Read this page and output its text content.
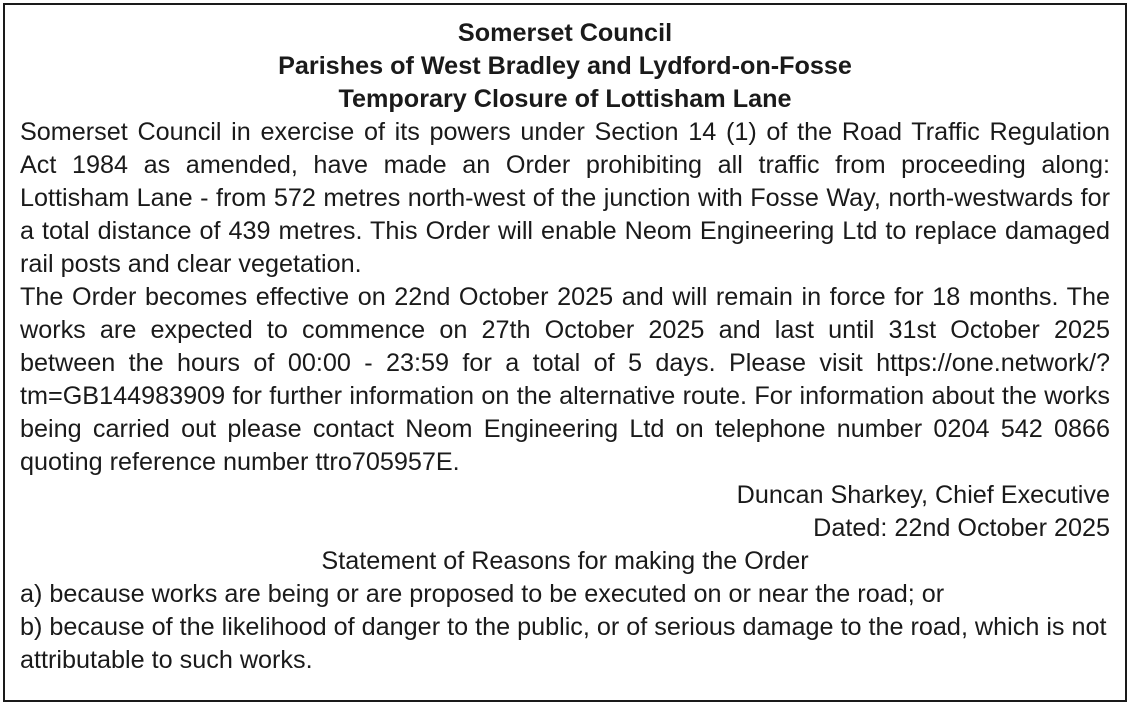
Somerset Council
Parishes of West Bradley and Lydford-on-Fosse
Temporary Closure of Lottisham Lane

Somerset Council in exercise of its powers under Section 14 (1) of the Road Traffic Regulation Act 1984 as amended, have made an Order prohibiting all traffic from proceeding along: Lottisham Lane - from 572 metres north-west of the junction with Fosse Way, north-westwards for a total distance of 439 metres. This Order will enable Neom Engineering Ltd to replace damaged rail posts and clear vegetation.

The Order becomes effective on 22nd October 2025 and will remain in force for 18 months. The works are expected to commence on 27th October 2025 and last until 31st October 2025 between the hours of 00:00 - 23:59 for a total of 5 days. Please visit https://one.network/?tm=GB144983909 for further information on the alternative route. For information about the works being carried out please contact Neom Engineering Ltd on telephone number 0204 542 0866 quoting reference number ttro705957E.

Duncan Sharkey, Chief Executive
Dated: 22nd October 2025
Statement of Reasons for making the Order

a) because works are being or are proposed to be executed on or near the road; or

b) because of the likelihood of danger to the public, or of serious damage to the road, which is not attributable to such works.
